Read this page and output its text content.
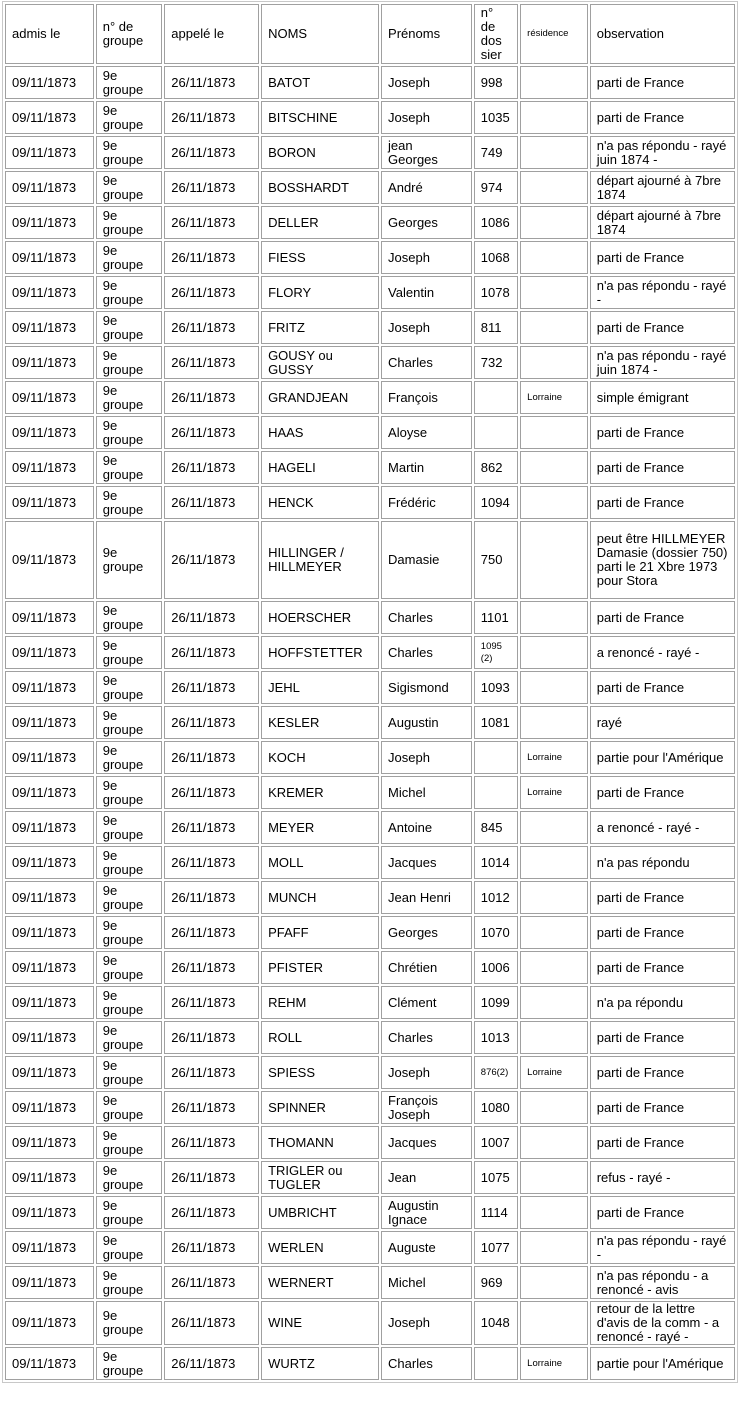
admis le	n° de groupe	appelé le	NOMS	Prénoms	n° de dos sier	résidence	observation
09/11/1873	9e groupe	26/11/1873	BATOT	Joseph	998		parti de France
09/11/1873	9e groupe	26/11/1873	BITSCHINE	Joseph	1035		parti de France
09/11/1873	9e groupe	26/11/1873	BORON	jean Georges	749		n'a pas répondu - rayé juin 1874 -
09/11/1873	9e groupe	26/11/1873	BOSSHARDT	André	974		départ ajourné à 7bre 1874
09/11/1873	9e groupe	26/11/1873	DELLER	Georges	1086		départ ajourné à 7bre 1874
09/11/1873	9e groupe	26/11/1873	FIESS	Joseph	1068		parti de France
09/11/1873	9e groupe	26/11/1873	FLORY	Valentin	1078		n'a pas répondu - rayé -
09/11/1873	9e groupe	26/11/1873	FRITZ	Joseph	811		parti de France
09/11/1873	9e groupe	26/11/1873	GOUSY ou GUSSY	Charles	732		n'a pas répondu - rayé juin 1874 -
09/11/1873	9e groupe	26/11/1873	GRANDJEAN	François		Lorraine	simple émigrant
09/11/1873	9e groupe	26/11/1873	HAAS	Aloyse			parti de France
09/11/1873	9e groupe	26/11/1873	HAGELI	Martin	862		parti de France
09/11/1873	9e groupe	26/11/1873	HENCK	Frédéric	1094		parti de France
09/11/1873	9e groupe	26/11/1873	HILLINGER / HILLMEYER	Damasie	750		peut être HILLMEYER Damasie (dossier 750) parti le 21 Xbre 1973 pour Stora
09/11/1873	9e groupe	26/11/1873	HOERSCHER	Charles	1101		parti de France
09/11/1873	9e groupe	26/11/1873	HOFFSTETTER	Charles	1095 (2)		a renoncé - rayé -
09/11/1873	9e groupe	26/11/1873	JEHL	Sigismond	1093		parti de France
09/11/1873	9e groupe	26/11/1873	KESLER	Augustin	1081		rayé
09/11/1873	9e groupe	26/11/1873	KOCH	Joseph		Lorraine	partie pour l'Amérique
09/11/1873	9e groupe	26/11/1873	KREMER	Michel		Lorraine	parti de France
09/11/1873	9e groupe	26/11/1873	MEYER	Antoine	845		a renoncé - rayé -
09/11/1873	9e groupe	26/11/1873	MOLL	Jacques	1014		n'a pas répondu
09/11/1873	9e groupe	26/11/1873	MUNCH	Jean Henri	1012		parti de France
09/11/1873	9e groupe	26/11/1873	PFAFF	Georges	1070		parti de France
09/11/1873	9e groupe	26/11/1873	PFISTER	Chrétien	1006		parti de France
09/11/1873	9e groupe	26/11/1873	REHM	Clément	1099		n'a pa répondu
09/11/1873	9e groupe	26/11/1873	ROLL	Charles	1013		parti de France
09/11/1873	9e groupe	26/11/1873	SPIESS	Joseph	876(2)	Lorraine	parti de France
09/11/1873	9e groupe	26/11/1873	SPINNER	François Joseph	1080		parti de France
09/11/1873	9e groupe	26/11/1873	THOMANN	Jacques	1007		parti de France
09/11/1873	9e groupe	26/11/1873	TRIGLER ou TUGLER	Jean	1075		refus - rayé -
09/11/1873	9e groupe	26/11/1873	UMBRICHT	Augustin Ignace	1114		parti de France
09/11/1873	9e groupe	26/11/1873	WERLEN	Auguste	1077		n'a pas répondu - rayé -
09/11/1873	9e groupe	26/11/1873	WERNERT	Michel	969		n'a pas répondu - a renoncé - avis
09/11/1873	9e groupe	26/11/1873	WINE	Joseph	1048		retour de la lettre d'avis de la comm - a renoncé - rayé -
09/11/1873	9e groupe	26/11/1873	WURTZ	Charles		Lorraine	partie pour l'Amérique
